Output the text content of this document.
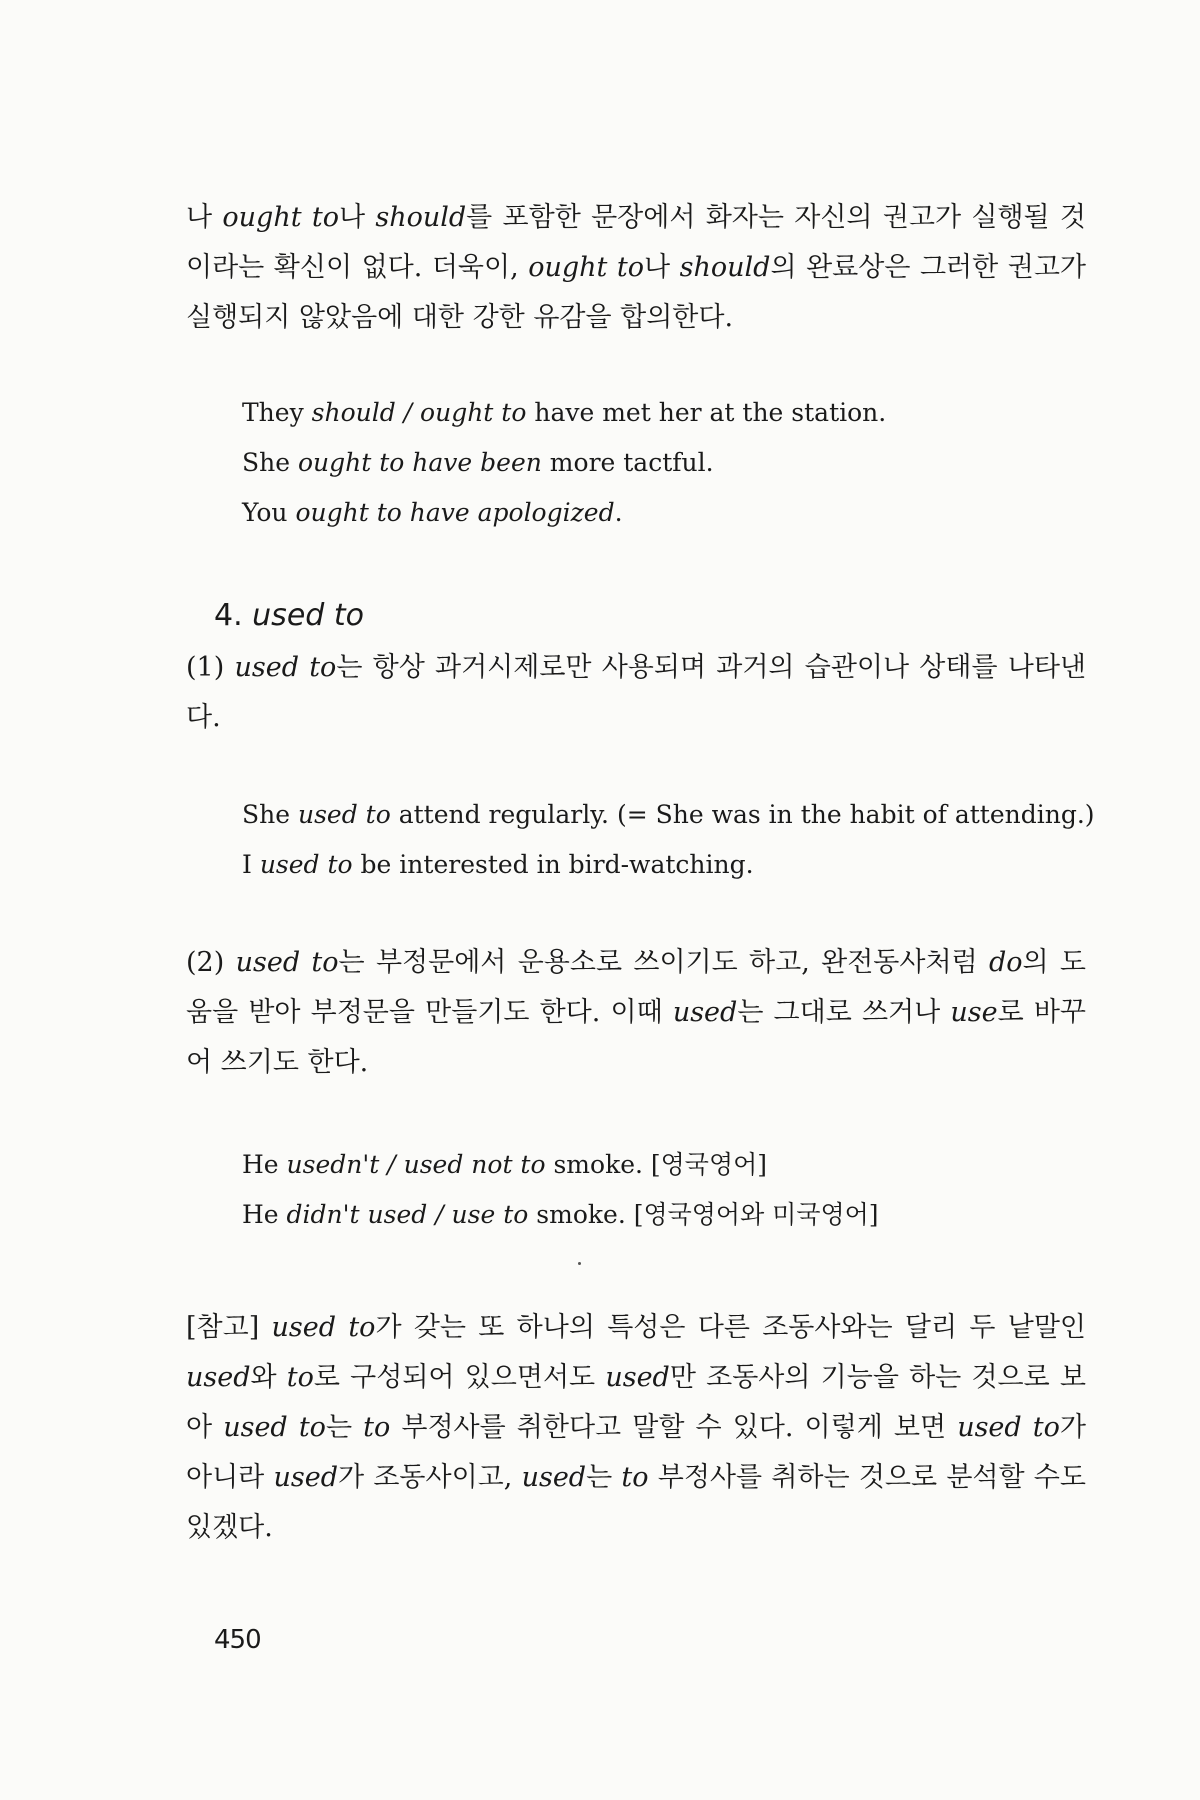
나 ought to나 should를 포함한 문장에서 화자는 자신의 권고가 실행될 것이라는 확신이 없다. 더욱이, ought to나 should의 완료상은 그러한 권고가 실행되지 않았음에 대한 강한 유감을 합의한다.

They should / ought to have met her at the station.
She ought to have been more tactful.
You ought to have apologized.
4. used to

(1) used to는 항상 과거시제로만 사용되며 과거의 습관이나 상태를 나타낸다.

She used to attend regularly. (= She was in the habit of attending.)
I used to be interested in bird-watching.

(2) used to는 부정문에서 운용소로 쓰이기도 하고, 완전동사처럼 do의 도움을 받아 부정문을 만들기도 한다. 이때 used는 그대로 쓰거나 use로 바꾸어 쓰기도 한다.

He usedn't / used not to smoke. [영국영어]
He didn't used / use to smoke. [영국영어와 미국영어]

[참고] used to가 갖는 또 하나의 특성은 다른 조동사와는 달리 두 낱말인 used와 to로 구성되어 있으면서도 used만 조동사의 기능을 하는 것으로 보아 used to는 to 부정사를 취한다고 말할 수 있다. 이렇게 보면 used to가 아니라 used가 조동사이고, used는 to 부정사를 취하는 것으로 분석할 수도 있겠다.

450
